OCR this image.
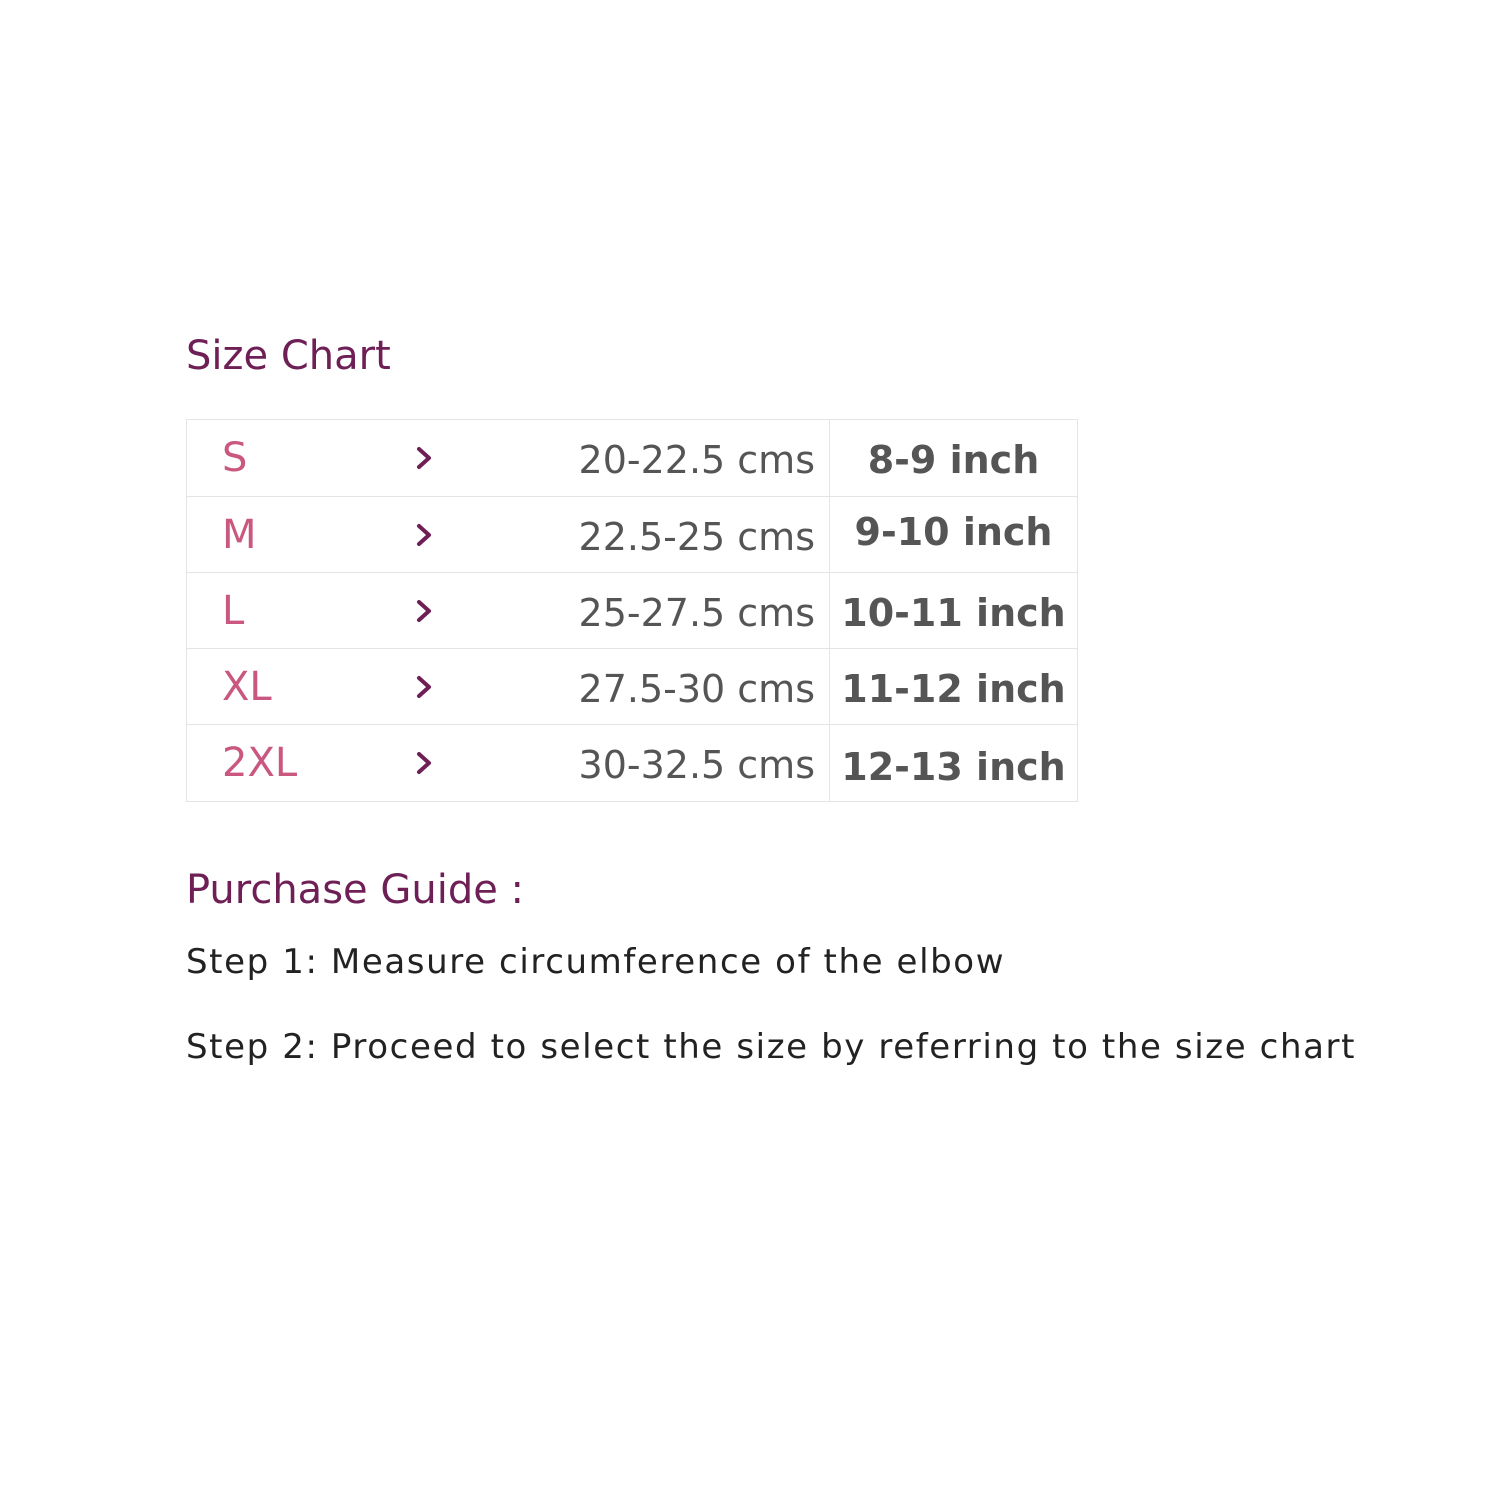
Size Chart
S	20-22.5 cms	8-9 inch
M	22.5-25 cms	9-10 inch
L	25-27.5 cms 10-11 inch
XL	27.5-30 cms 11-12 inch
2XL	30-32.5 cms 12-13 inch
Purchase Guide :
Step 1: Measure circumference of the elbow
Step 2: Proceed to select the size by referring to the size chart
